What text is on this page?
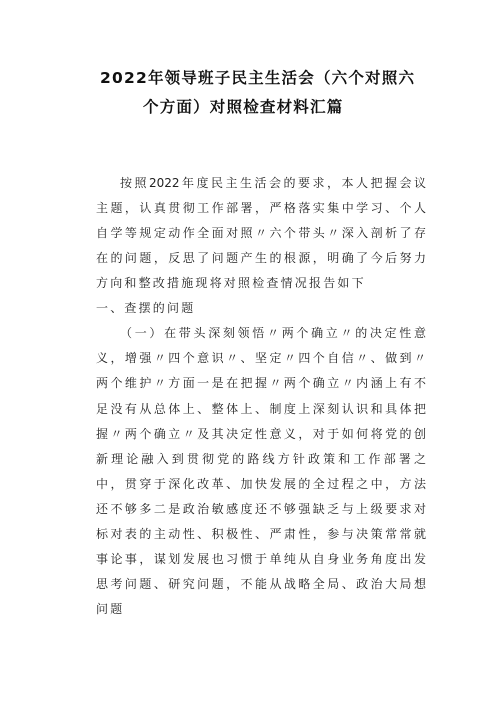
2022年领导班子民主生活会（六个对照六
个方面）对照检查材料汇篇
按照2022年度民主生活会的要求，本人把握会议
主题，认真贯彻工作部署，严格落实集中学习、个人
自学等规定动作全面对照〃六个带头〃深入剖析了存
在的问题，反思了问题产生的根源，明确了今后努力
方向和整改措施现将对照检查情况报告如下
一、查摆的问题
（一）在带头深刻领悟〃两个确立〃的决定性意
义，增强〃四个意识〃、坚定〃四个自信〃、做到〃
两个维护〃方面一是在把握〃两个确立〃内涵上有不
足没有从总体上、整体上、制度上深刻认识和具体把
握〃两个确立〃及其决定性意义，对于如何将党的创
新理论融入到贯彻党的路线方针政策和工作部署之
中，贯穿于深化改革、加快发展的全过程之中，方法
还不够多二是政治敏感度还不够强缺乏与上级要求对
标对表的主动性、积极性、严肃性，参与决策常常就
事论事，谋划发展也习惯于单纯从自身业务角度出发
思考问题、研究问题，不能从战略全局、政治大局想
问题
